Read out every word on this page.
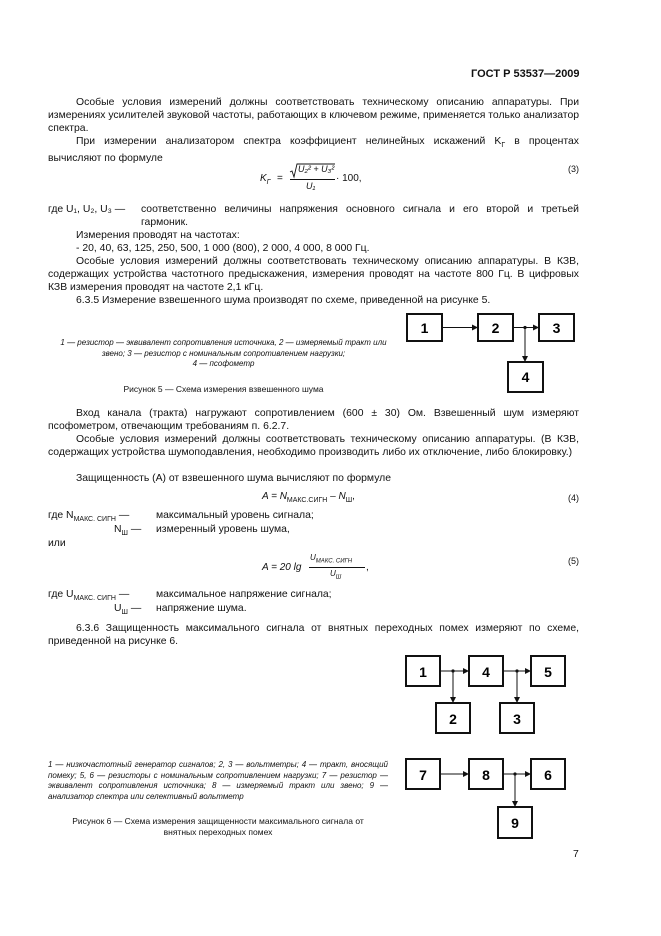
ГОСТ Р 53537—2009
Особые условия измерений должны соответствовать техническому описанию аппаратуры. При измерениях усилителей звуковой частоты, работающих в ключевом режиме, применяется только анализатор спектра.
При измерении анализатором спектра коэффициент нелинейных искажений $K_Г$ в процентах вычисляют по формуле
$K_Г$ =
U₂² + U₃²
U₁
· 100,
(3)
где U₁, U₂, U₃ — соответственно величины напряжения основного сигнала и его второй и третьей гармоник.
Измерения проводят на частотах:
- 20, 40, 63, 125, 250, 500, 1 000 (800), 2 000, 4 000, 8 000 Гц.
Особые условия измерений должны соответствовать техническому описанию аппаратуры. В КЗВ, содержащих устройства частотного предыскажения, измерения проводят на частоте 800 Гц. В цифровых КЗВ измерения проводят на частоте 2,1 кГц.
6.3.5 Измерение взвешенного шума производят по схеме, приведенной на рисунке 5.
1 — резистор — эквивалент сопротивления источника, 2 — измеряемый тракт или звено; 3 — резистор с номинальным сопротивлением нагрузки;
4 — псофометр
Рисунок 5 — Схема измерения взвешенного шума
1	2	3
4
Вход канала (тракта) нагружают сопротивлением (600 ± 30) Ом. Взвешенный шум измеряют псофометром, отвечающим требованиям п. 6.2.7.
Особые условия измерений должны соответствовать техническому описанию аппаратуры. (В КЗВ, содержащих устройства шумоподавления, необходимо производить либо их отключение, либо блокировку.)
Защищенность (А) от взвешенного шума вычисляют по формуле
$A = N_{МАКС.СИГН} - N_Ш$,	(4)
где $N_{МАКС. СИГН}$ —	максимальный уровень сигнала;
$N_Ш$ — измеренный уровень шума,
или
A = 20 lg
$U_{МАКС. СИГН}$
$U_Ш$
,
(5)
где $U_{МАКС. СИГН}$ —	максимальное напряжение сигнала;
$U_Ш$ — напряжение шума.
6.3.6 Защищенность максимального сигнала от внятных переходных помех измеряют по схеме, приведенной на рисунке 6.
1	4	5
2	3
1 — низкочастотный генератор сигналов; 2, 3 — вольтметры; 4 — тракт, вносящий помеху; 5, 6 — резисторы с номинальным сопротивлением нагрузки; 7 — резистор — эквивалент сопротивления источника; 8 — измеряемый тракт или звено; 9 — анализатор спектра или селективный вольтметр
Рисунок 6 — Схема измерения защищенности максимального сигнала от внятных переходных помех
7	8	6
9
7
